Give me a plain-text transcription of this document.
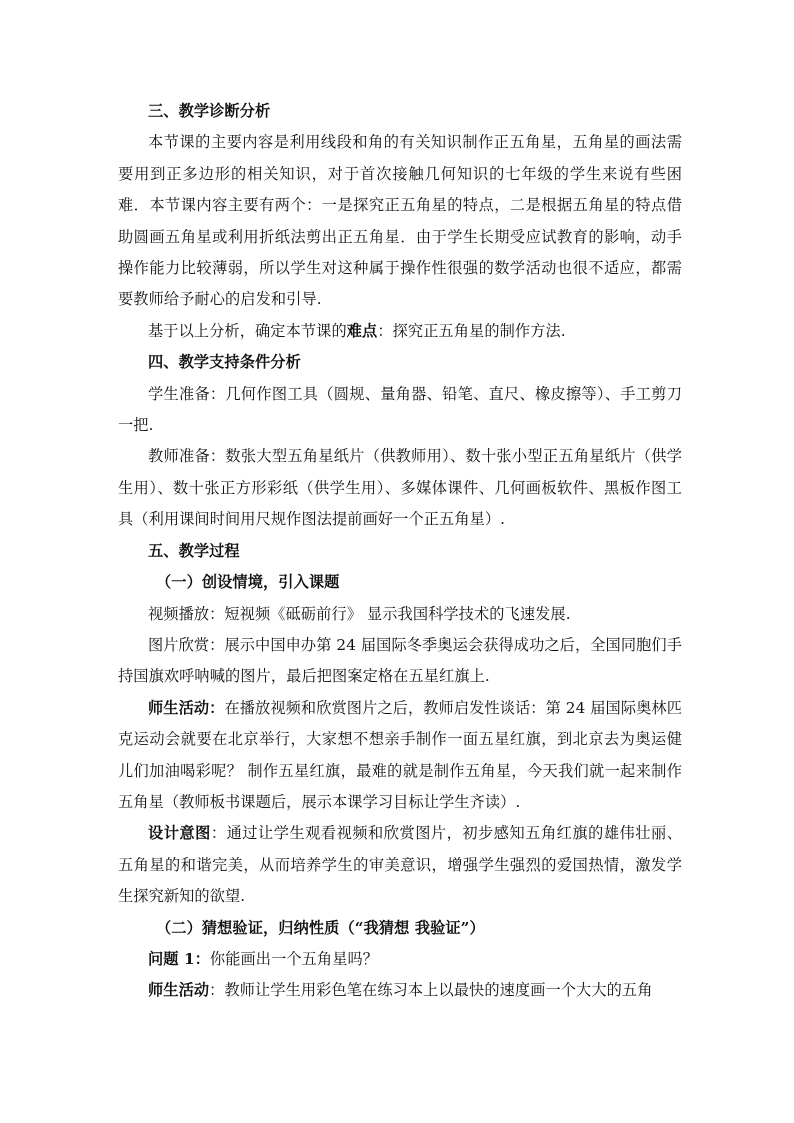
三、教学诊断分析

本节课的主要内容是利用线段和角的有关知识制作正五角星，五角星的画法需要用到正多边形的相关知识，对于首次接触几何知识的七年级的学生来说有些困难．本节课内容主要有两个：一是探究正五角星的特点，二是根据五角星的特点借助圆画五角星或利用折纸法剪出正五角星．由于学生长期受应试教育的影响，动手操作能力比较薄弱，所以学生对这种属于操作性很强的数学活动也很不适应，都需要教师给予耐心的启发和引导.

基于以上分析，确定本节课的难点：探究正五角星的制作方法.

四、教学支持条件分析

学生准备：几何作图工具（圆规、量角器、铅笔、直尺、橡皮擦等）、手工剪刀一把.

教师准备：数张大型五角星纸片（供教师用）、数十张小型正五角星纸片（供学生用）、数十张正方形彩纸（供学生用）、多媒体课件、几何画板软件、黑板作图工具（利用课间时间用尺规作图法提前画好一个正五角星）.

五、教学过程

（一）创设情境，引入课题

视频播放：短视频《砥砺前行》 显示我国科学技术的飞速发展.

图片欣赏：展示中国申办第 24 届国际冬季奥运会获得成功之后，全国同胞们手持国旗欢呼呐喊的图片，最后把图案定格在五星红旗上.

师生活动：在播放视频和欣赏图片之后，教师启发性谈话：第 24 届国际奥林匹克运动会就要在北京举行，大家想不想亲手制作一面五星红旗，到北京去为奥运健儿们加油喝彩呢？ 制作五星红旗，最难的就是制作五角星，今天我们就一起来制作五角星（教师板书课题后，展示本课学习目标让学生齐读）.

设计意图：通过让学生观看视频和欣赏图片，初步感知五角红旗的雄伟壮丽、五角星的和谐完美，从而培养学生的审美意识，增强学生强烈的爱国热情，激发学生探究新知的欲望.

（二）猜想验证，归纳性质（“我猜想 我验证”）

问题 1：你能画出一个五角星吗？

师生活动：教师让学生用彩色笔在练习本上以最快的速度画一个大大的五角
